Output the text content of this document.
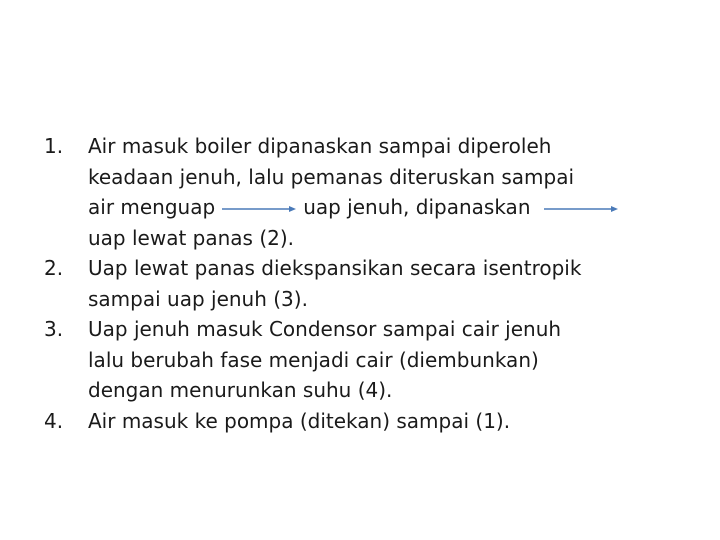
1.	Air masuk boiler dipanaskan sampai diperoleh
keadaan jenuh, lalu pemanas diteruskan sampai
air menguap	uap jenuh, dipanaskan
uap lewat panas (2).
2.	Uap lewat panas diekspansikan secara isentropik
sampai uap jenuh (3).
3.	Uap jenuh masuk Condensor sampai cair jenuh
lalu berubah fase menjadi cair (diembunkan)
dengan menurunkan suhu (4).
4.	Air masuk ke pompa (ditekan) sampai (1).
